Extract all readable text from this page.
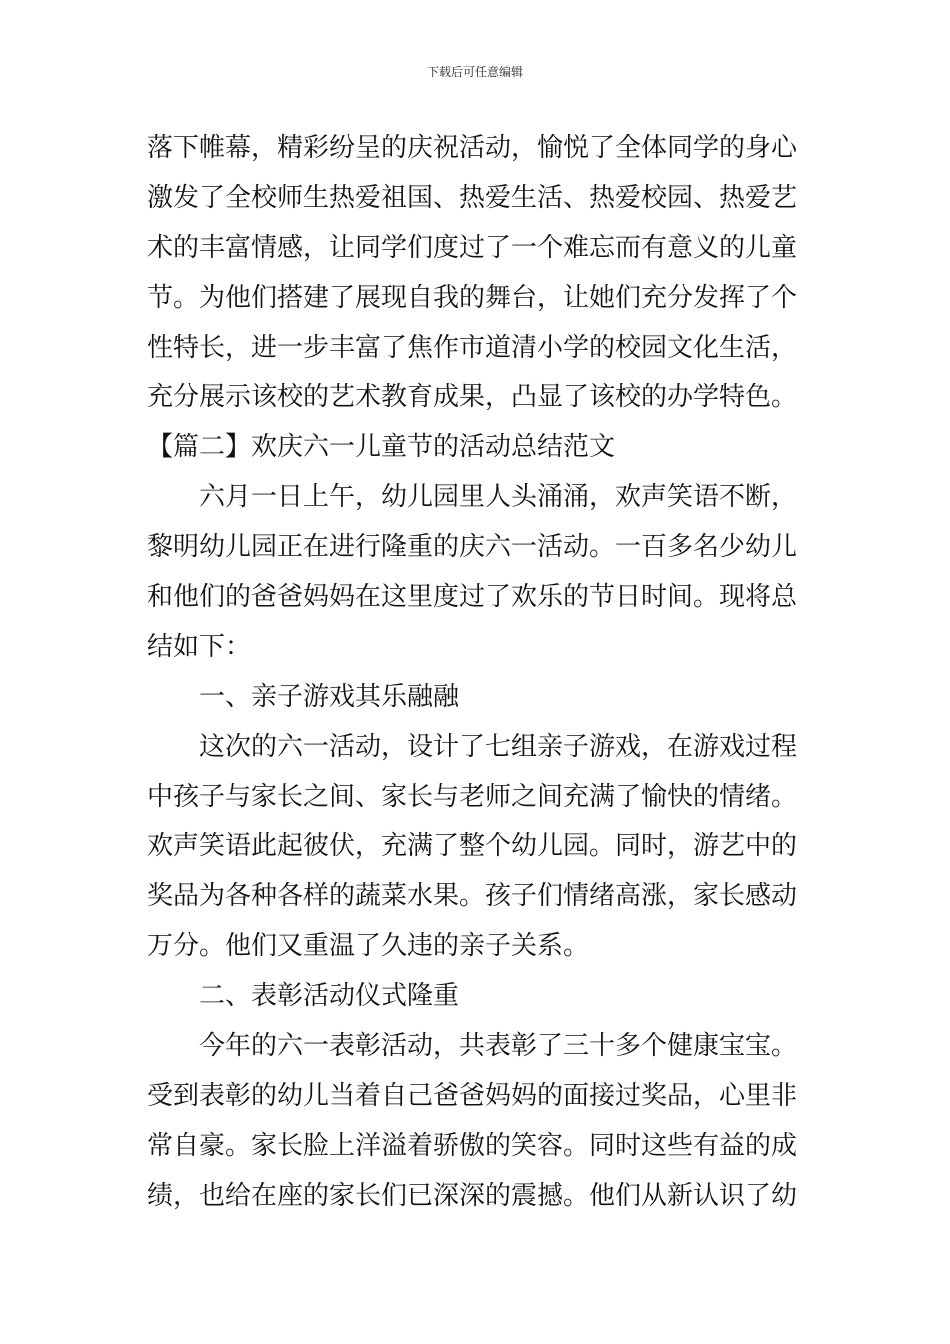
下载后可任意编辑
落下帷幕，精彩纷呈的庆祝活动，愉悦了全体同学的身心
激发了全校师生热爱祖国、热爱生活、热爱校园、热爱艺
术的丰富情感，让同学们度过了一个难忘而有意义的儿童
节。为他们搭建了展现自我的舞台，让她们充分发挥了个
性特长，进一步丰富了焦作市道清小学的校园文化生活，
充分展示该校的艺术教育成果，凸显了该校的办学特色。
【篇二】欢庆六一儿童节的活动总结范文
六月一日上午，幼儿园里人头涌涌，欢声笑语不断，
黎明幼儿园正在进行隆重的庆六一活动。一百多名少幼儿
和他们的爸爸妈妈在这里度过了欢乐的节日时间。现将总
结如下：
一、亲子游戏其乐融融
这次的六一活动，设计了七组亲子游戏，在游戏过程
中孩子与家长之间、家长与老师之间充满了愉快的情绪。
欢声笑语此起彼伏，充满了整个幼儿园。同时，游艺中的
奖品为各种各样的蔬菜水果。孩子们情绪高涨，家长感动
万分。他们又重温了久违的亲子关系。
二、表彰活动仪式隆重
今年的六一表彰活动，共表彰了三十多个健康宝宝。
受到表彰的幼儿当着自己爸爸妈妈的面接过奖品，心里非
常自豪。家长脸上洋溢着骄傲的笑容。同时这些有益的成
绩，也给在座的家长们已深深的震撼。他们从新认识了幼
